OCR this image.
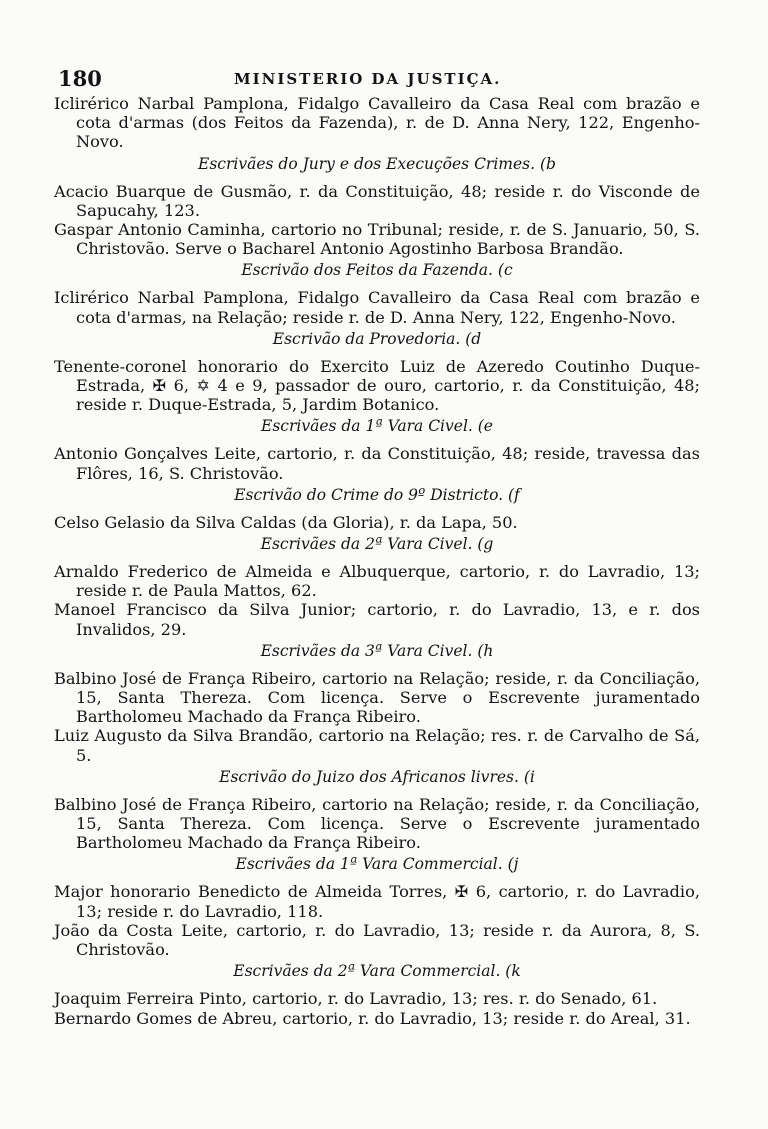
180	MINISTERIO DA JUSTIÇA.
Iclirérico Narbal Pamplona, Fidalgo Cavalleiro da Casa Real com brazão e cota d'armas (dos Feitos da Fazenda), r. de D. Anna Nery, 122, Engenho-Novo.
Escrivães do Jury e dos Execuções Crimes. (b
Acacio Buarque de Gusmão, r. da Constituição, 48; reside r. do Visconde de Sapucahy, 123.
Gaspar Antonio Caminha, cartorio no Tribunal; reside, r. de S. Januario, 50, S. Christovão. Serve o Bacharel Antonio Agostinho Barbosa Brandão.
Escrivão dos Feitos da Fazenda. (c
Iclirérico Narbal Pamplona, Fidalgo Cavalleiro da Casa Real com brazão e cota d'armas, na Relação; reside r. de D. Anna Nery, 122, Engenho-Novo.
Escrivão da Provedoria. (d
Tenente-coronel honorario do Exercito Luiz de Azeredo Coutinho Duque-Estrada, ✠ 6, ✡ 4 e 9, passador de ouro, cartorio, r. da Constituição, 48; reside r. Duque-Estrada, 5, Jardim Botanico.
Escrivães da 1ª Vara Civel. (e
Antonio Gonçalves Leite, cartorio, r. da Constituição, 48; reside, travessa das Flôres, 16, S. Christovão.
Escrivão do Crime do 9º Districto. (f
Celso Gelasio da Silva Caldas (da Gloria), r. da Lapa, 50.
Escrivães da 2ª Vara Civel. (g
Arnaldo Frederico de Almeida e Albuquerque, cartorio, r. do Lavradio, 13; reside r. de Paula Mattos, 62.
Manoel Francisco da Silva Junior; cartorio, r. do Lavradio, 13, e r. dos Invalidos, 29.
Escrivães da 3ª Vara Civel. (h
Balbino José de França Ribeiro, cartorio na Relação; reside, r. da Conciliação, 15, Santa Thereza. Com licença. Serve o Escrevente juramentado Bartholomeu Machado da França Ribeiro.
Luiz Augusto da Silva Brandão, cartorio na Relação; res. r. de Carvalho de Sá, 5.
Escrivão do Juizo dos Africanos livres. (i
Balbino José de França Ribeiro, cartorio na Relação; reside, r. da Conciliação, 15, Santa Thereza. Com licença. Serve o Escrevente juramentado Bartholomeu Machado da França Ribeiro.
Escrivães da 1ª Vara Commercial. (j
Major honorario Benedicto de Almeida Torres, ✠ 6, cartorio, r. do Lavradio, 13; reside r. do Lavradio, 118.
João da Costa Leite, cartorio, r. do Lavradio, 13; reside r. da Aurora, 8, S. Christovão.
Escrivães da 2ª Vara Commercial. (k
Joaquim Ferreira Pinto, cartorio, r. do Lavradio, 13; res. r. do Senado, 61.
Bernardo Gomes de Abreu, cartorio, r. do Lavradio, 13; reside r. do Areal, 31.
